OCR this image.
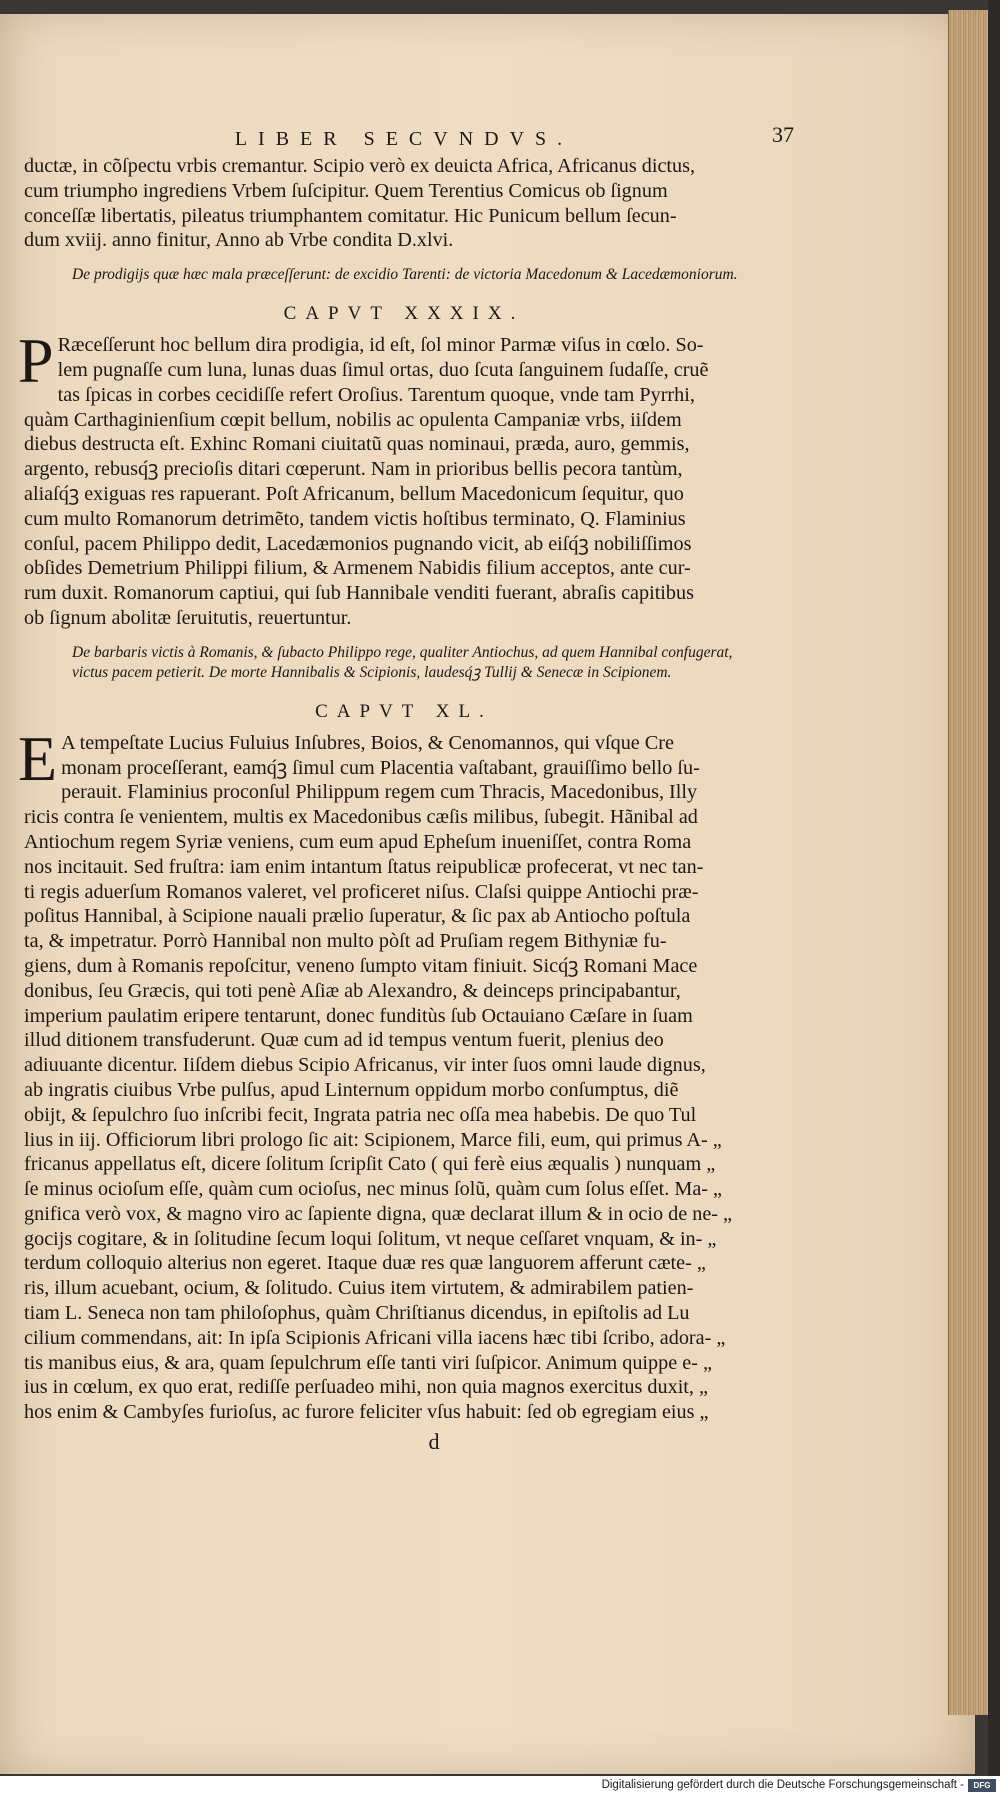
LIBER SECVNDVS.	37

ductæ, in cõſpectu vrbis cremantur. Scipio verò ex deuicta Africa, Africanus dictus,

cum triumpho ingrediens Vrbem ſuſcipitur. Quem Terentius Comicus ob ſignum

conceſſæ libertatis, pileatus triumphantem comitatur. Hic Punicum bellum ſecun-

dum xviij. anno finitur, Anno ab Vrbe condita D.xlvi.

De prodigijs quæ hæc mala præceſſerunt: de excidio Tarenti: de victoria Macedonum & Lacedæmoniorum.
CAPVT XXXIX.
P Ræceſſerunt hoc bellum dira prodigia, id eſt, ſol minor Parmæ viſus in cœlo. So-

lem pugnaſſe cum luna, lunas duas ſimul ortas, duo ſcuta ſanguinem ſudaſſe, cruẽ

tas ſpicas in corbes cecidiſſe refert Oroſius. Tarentum quoque, vnde tam Pyrrhi,

quàm Carthaginienſium cœpit bellum, nobilis ac opulenta Campaniæ vrbs, iiſdem

diebus destructa eſt. Exhinc Romani ciuitatũ quas nominaui, præda, auro, gemmis,

argento, rebusq́ꝫ precioſis ditari cœperunt. Nam in prioribus bellis pecora tantùm,

aliaſq́ꝫ exiguas res rapuerant. Poſt Africanum, bellum Macedonicum ſequitur, quo

cum multo Romanorum detrimẽto, tandem victis hoſtibus terminato, Q. Flaminius

conſul, pacem Philippo dedit, Lacedæmonios pugnando vicit, ab eiſq́ꝫ nobiliſſimos

obſides Demetrium Philippi filium, & Armenem Nabidis filium acceptos, ante cur-

rum duxit. Romanorum captiui, qui ſub Hannibale venditi fuerant, abraſis capitibus

ob ſignum abolitæ ſeruitutis, reuertuntur.

De barbaris victis à Romanis, & ſubacto Philippo rege, qualiter Antiochus, ad quem Hannibal confugerat, victus pacem petierit. De morte Hannibalis & Scipionis, laudesq́ꝫ Tullij & Senecæ in Scipionem.
CAPVT XL.
E A tempeſtate Lucius Fuluius Inſubres, Boios, & Cenomannos, qui vſque Cre

monam proceſſerant, eamq́ꝫ ſimul cum Placentia vaſtabant, grauiſſimo bello ſu-

perauit. Flaminius proconſul Philippum regem cum Thracis, Macedonibus, Illy

ricis contra ſe venientem, multis ex Macedonibus cæſis milibus, ſubegit. Hãnibal ad

Antiochum regem Syriæ veniens, cum eum apud Epheſum inueniſſet, contra Roma

nos incitauit. Sed fruſtra: iam enim intantum ſtatus reipublicæ profecerat, vt nec tan-

ti regis aduerſum Romanos valeret, vel proficeret niſus. Claſsi quippe Antiochi præ-

poſitus Hannibal, à Scipione nauali prælio ſuperatur, & ſic pax ab Antiocho poſtula

ta, & impetratur. Porrò Hannibal non multo pòſt ad Pruſiam regem Bithyniæ fu-

giens, dum à Romanis repoſcitur, veneno ſumpto vitam finiuit. Sicq́ꝫ Romani Mace

donibus, ſeu Græcis, qui toti penè Aſiæ ab Alexandro, & deinceps principabantur,

imperium paulatim eripere tentarunt, donec funditùs ſub Octauiano Cæſare in ſuam

illud ditionem transfuderunt. Quæ cum ad id tempus ventum fuerit, plenius deo

adiuuante dicentur. Iiſdem diebus Scipio Africanus, vir inter ſuos omni laude dignus,

ab ingratis ciuibus Vrbe pulſus, apud Linternum oppidum morbo conſumptus, diẽ

obijt, & ſepulchro ſuo inſcribi fecit, Ingrata patria nec oſſa mea habebis. De quo Tul

lius in iij. Officiorum libri prologo ſic ait: Scipionem, Marce fili, eum, qui primus A- „

fricanus appellatus eſt, dicere ſolitum ſcripſit Cato ( qui ferè eius æqualis ) nunquam „

ſe minus ocioſum eſſe, quàm cum ocioſus, nec minus ſolũ, quàm cum ſolus eſſet. Ma- „

gnifica verò vox, & magno viro ac ſapiente digna, quæ declarat illum & in ocio de ne- „

gocijs cogitare, & in ſolitudine ſecum loqui ſolitum, vt neque ceſſaret vnquam, & in- „

terdum colloquio alterius non egeret. Itaque duæ res quæ languorem afferunt cæte- „

ris, illum acuebant, ocium, & ſolitudo. Cuius item virtutem, & admirabilem patien-

tiam L. Seneca non tam philoſophus, quàm Chriſtianus dicendus, in epiſtolis ad Lu

cilium commendans, ait: In ipſa Scipionis Africani villa iacens hæc tibi ſcribo, adora- „

tis manibus eius, & ara, quam ſepulchrum eſſe tanti viri ſuſpicor. Animum quippe e- „

ius in cœlum, ex quo erat, rediſſe perſuadeo mihi, non quia magnos exercitus duxit, „

hos enim & Cambyſes furioſus, ac furore feliciter vſus habuit: ſed ob egregiam eius „

d
Digitalisierung gefördert durch die Deutsche Forschungsgemeinschaft -	DFG
